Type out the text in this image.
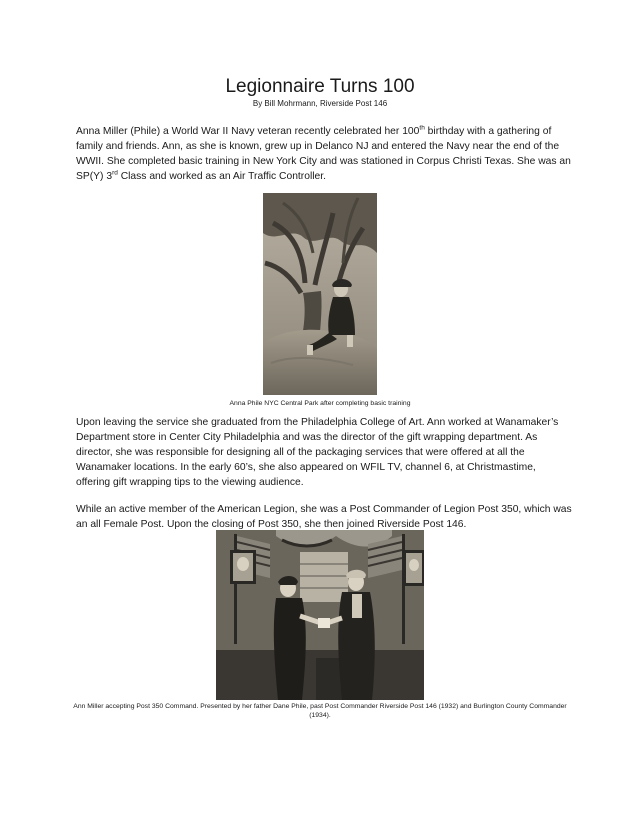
Legionnaire Turns 100
By Bill Mohrmann, Riverside Post 146

Anna Miller (Phile) a World War II Navy veteran recently celebrated her 100th birthday with a gathering of family and friends. Ann, as she is known, grew up in Delanco NJ and entered the Navy near the end of the WWII. She completed basic training in New York City and was stationed in Corpus Christi Texas. She was an SP(Y) 3rd Class and worked as an Air Traffic Controller.

Anna Phile NYC Central Park after completing basic training

Upon leaving the service she graduated from the Philadelphia College of Art. Ann worked at Wanamaker’s Department store in Center City Philadelphia and was the director of the gift wrapping department. As director, she was responsible for designing all of the packaging services that were offered at all the Wanamaker locations. In the early 60’s, she also appeared on WFIL TV, channel 6, at Christmastime, offering gift wrapping tips to the viewing audience.

While an active member of the American Legion, she was a Post Commander of Legion Post 350, which was an all Female Post. Upon the closing of Post 350, she then joined Riverside Post 146.

Ann Miller accepting Post 350 Command. Presented by her father Dane Phile, past Post Commander Riverside Post 146 (1932) and Burlington County Commander (1934).
